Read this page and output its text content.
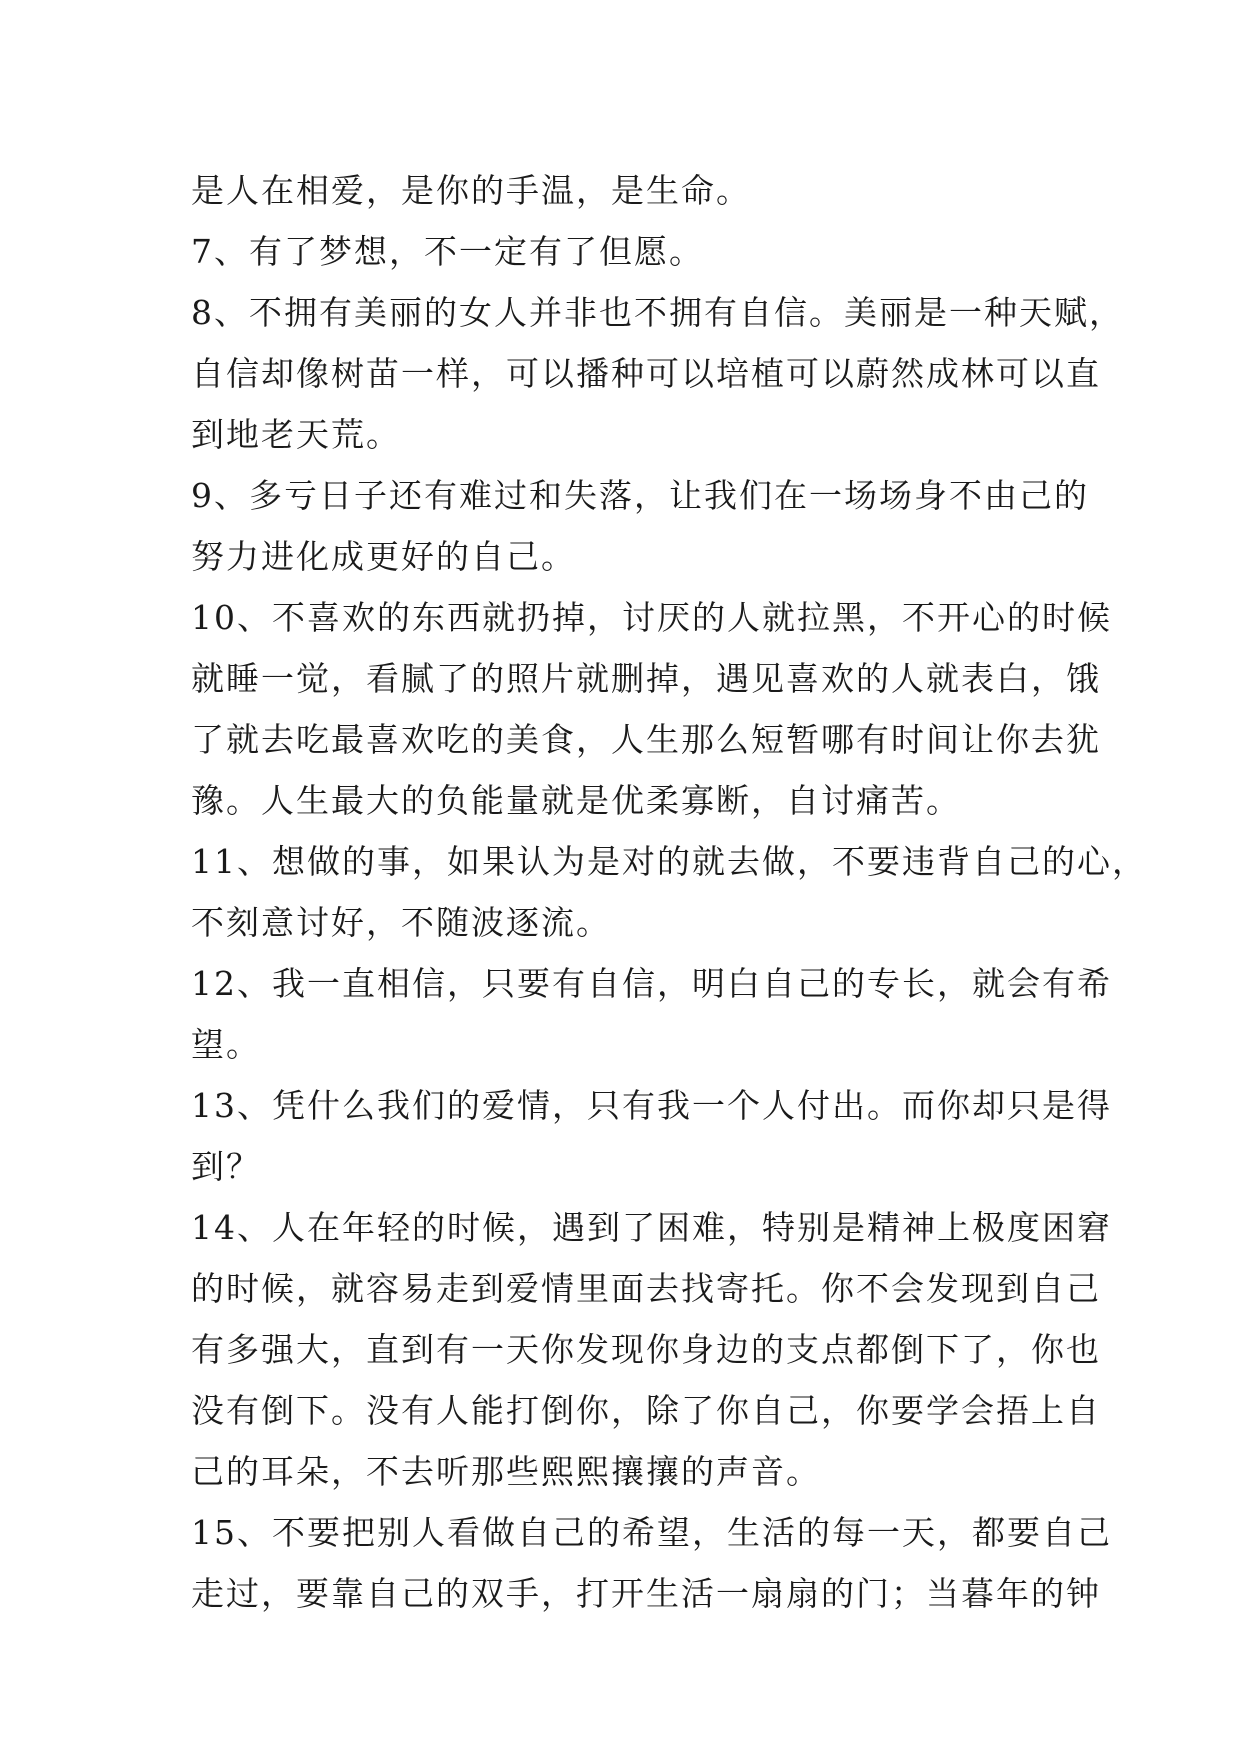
是人在相爱，是你的手温，是生命。
7、有了梦想，不一定有了但愿。
8、不拥有美丽的女人并非也不拥有自信。美丽是一种天赋，
自信却像树苗一样，可以播种可以培植可以蔚然成林可以直
到地老天荒。
9、多亏日子还有难过和失落，让我们在一场场身不由己的
努力进化成更好的自己。
10、不喜欢的东西就扔掉，讨厌的人就拉黑，不开心的时候
就睡一觉，看腻了的照片就删掉，遇见喜欢的人就表白，饿
了就去吃最喜欢吃的美食，人生那么短暂哪有时间让你去犹
豫。人生最大的负能量就是优柔寡断，自讨痛苦。
11、想做的事，如果认为是对的就去做，不要违背自己的心，
不刻意讨好，不随波逐流。
12、我一直相信，只要有自信，明白自己的专长，就会有希
望。
13、凭什么我们的爱情，只有我一个人付出。而你却只是得
到？
14、人在年轻的时候，遇到了困难，特别是精神上极度困窘
的时候，就容易走到爱情里面去找寄托。你不会发现到自己
有多强大，直到有一天你发现你身边的支点都倒下了，你也
没有倒下。没有人能打倒你，除了你自己，你要学会捂上自
己的耳朵，不去听那些熙熙攘攘的声音。
15、不要把别人看做自己的希望，生活的每一天，都要自己
走过，要靠自己的双手，打开生活一扇扇的门；当暮年的钟
